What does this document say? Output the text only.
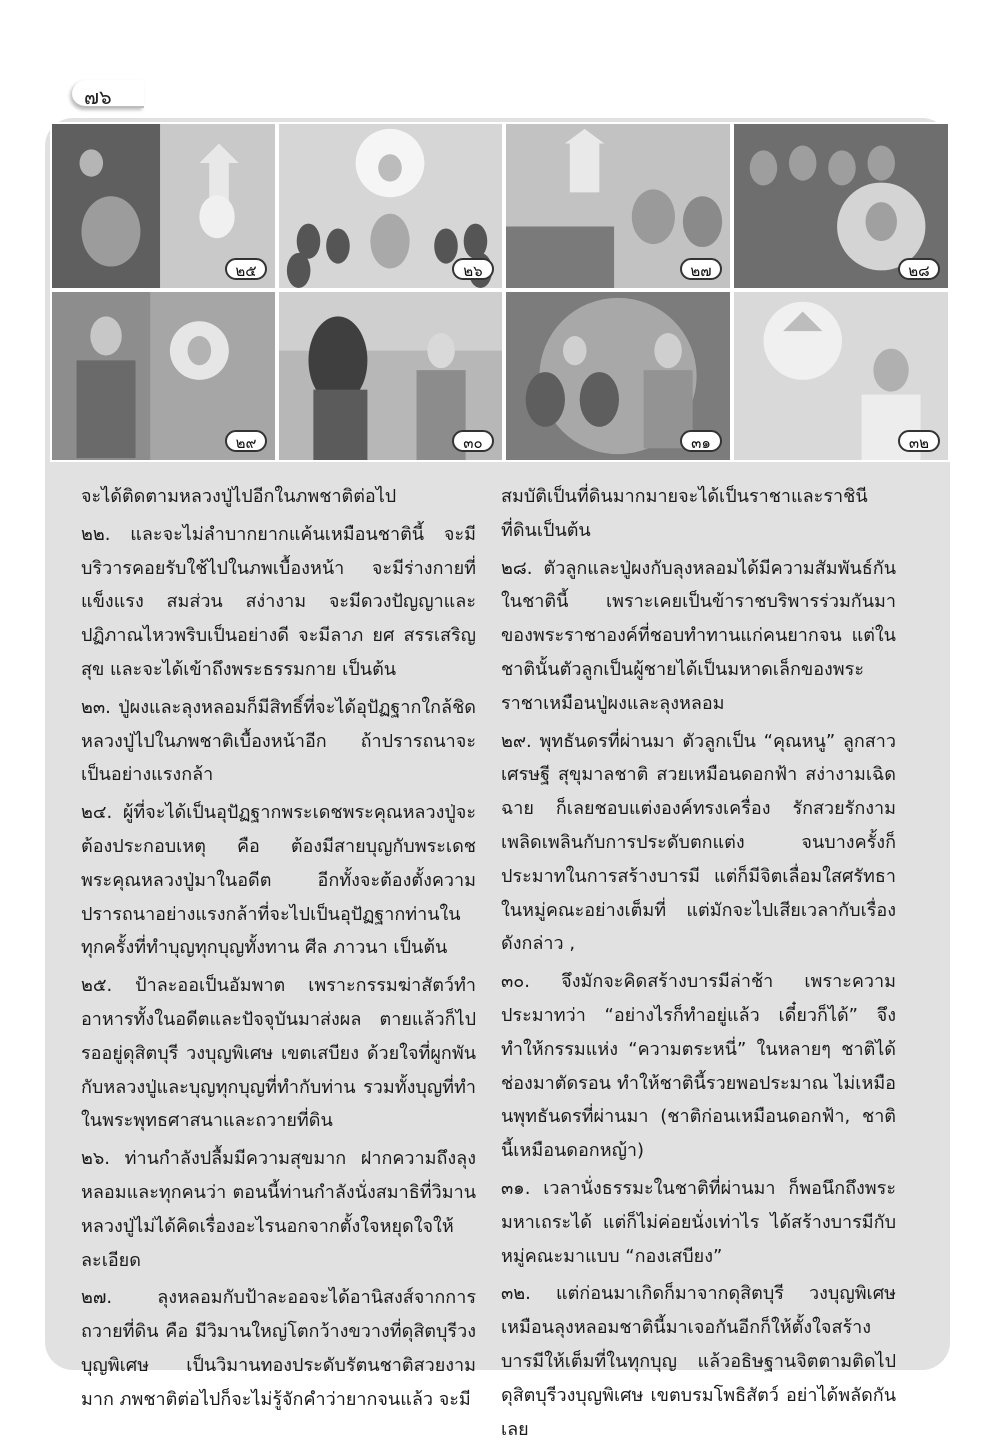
๗๖
๒๕	๒๖	๒๗	๒๘
๒๙	๓๐	๓๑	๓๒

จะได้ติดตามหลวงปู่ไปอีกในภพชาติต่อไป

๒๒. และจะไม่ลำบากยากแค้นเหมือนชาตินี้ จะมีบริวารคอยรับใช้ไปในภพเบื้องหน้า จะมีร่างกายที่แข็งแรง สมส่วน สง่างาม จะมีดวงปัญญาและปฏิภาณไหวพริบเป็นอย่างดี จะมีลาภ ยศ สรรเสริญ สุข และจะได้เข้าถึงพระธรรมกาย เป็นต้น

๒๓. ปู่ผงและลุงหลอมก็มีสิทธิ์ที่จะได้อุปัฏฐากใกล้ชิดหลวงปู่ไปในภพชาติเบื้องหน้าอีก ถ้าปรารถนาจะเป็นอย่างแรงกล้า

๒๔. ผู้ที่จะได้เป็นอุปัฏฐากพระเดชพระคุณหลวงปู่จะต้องประกอบเหตุ คือ ต้องมีสายบุญกับพระเดชพระคุณหลวงปู่มาในอดีต อีกทั้งจะต้องตั้งความปรารถนาอย่างแรงกล้าที่จะไปเป็นอุปัฏฐากท่านในทุกครั้งที่ทำบุญทุกบุญทั้งทาน ศีล ภาวนา เป็นต้น

๒๕. ป้าละออเป็นอัมพาต เพราะกรรมฆ่าสัตว์ทำอาหารทั้งในอดีตและปัจจุบันมาส่งผล ตายแล้วก็ไปรออยู่ดุสิตบุรี วงบุญพิเศษ เขตเสบียง ด้วยใจที่ผูกพันกับหลวงปู่และบุญทุกบุญที่ทำกับท่าน รวมทั้งบุญที่ทำในพระพุทธศาสนาและถวายที่ดิน

๒๖. ท่านกำลังปลื้มมีความสุขมาก ฝากความถึงลุงหลอมและทุกคนว่า ตอนนี้ท่านกำลังนั่งสมาธิที่วิมานหลวงปู่ไม่ได้คิดเรื่องอะไรนอกจากตั้งใจหยุดใจให้ละเอียด

๒๗. ลุงหลอมกับป้าละออจะได้อานิสงส์จากการถวายที่ดิน คือ มีวิมานใหญ่โตกว้างขวางที่ดุสิตบุรีวงบุญพิเศษ เป็นวิมานทองประดับรัตนชาติสวยงามมาก ภพชาติต่อไปก็จะไม่รู้จักคำว่ายากจนแล้ว จะมี

สมบัติเป็นที่ดินมากมายจะได้เป็นราชาและราชินีที่ดินเป็นต้น

๒๘. ตัวลูกและปู่ผงกับลุงหลอมได้มีความสัมพันธ์กันในชาตินี้ เพราะเคยเป็นข้าราชบริพารร่วมกันมาของพระราชาองค์ที่ชอบทำทานแก่คนยากจน แต่ในชาตินั้นตัวลูกเป็นผู้ชายได้เป็นมหาดเล็กของพระราชาเหมือนปู่ผงและลุงหลอม

๒๙. พุทธันดรที่ผ่านมา ตัวลูกเป็น “คุณหนู” ลูกสาวเศรษฐี สุขุมาลชาติ สวยเหมือนดอกฟ้า สง่างามเฉิดฉาย ก็เลยชอบแต่งองค์ทรงเครื่อง รักสวยรักงามเพลิดเพลินกับการประดับตกแต่ง จนบางครั้งก็ประมาทในการสร้างบารมี แต่ก็มีจิตเลื่อมใสศรัทธาในหมู่คณะอย่างเต็มที่ แต่มักจะไปเสียเวลากับเรื่องดังกล่าว ,

๓๐. จึงมักจะคิดสร้างบารมีล่าช้า เพราะความประมาทว่า “อย่างไรก็ทำอยู่แล้ว เดี๋ยวก็ได้” จึงทำให้กรรมแห่ง “ความตระหนี่” ในหลายๆ ชาติได้ช่องมาตัดรอน ทำให้ชาตินี้รวยพอประมาณ ไม่เหมือนพุทธันดรที่ผ่านมา (ชาติก่อนเหมือนดอกฟ้า, ชาตินี้เหมือนดอกหญ้า)

๓๑. เวลานั่งธรรมะในชาติที่ผ่านมา ก็พอนึกถึงพระมหาเถระได้ แต่ก็ไม่ค่อยนั่งเท่าไร ได้สร้างบารมีกับหมู่คณะมาแบบ “กองเสบียง”

๓๒. แต่ก่อนมาเกิดก็มาจากดุสิตบุรี วงบุญพิเศษเหมือนลุงหลอมชาตินี้มาเจอกันอีกก็ให้ตั้งใจสร้างบารมีให้เต็มที่ในทุกบุญ แล้วอธิษฐานจิตตามติดไปดุสิตบุรีวงบุญพิเศษ เขตบรมโพธิสัตว์ อย่าได้พลัดกันเลย
